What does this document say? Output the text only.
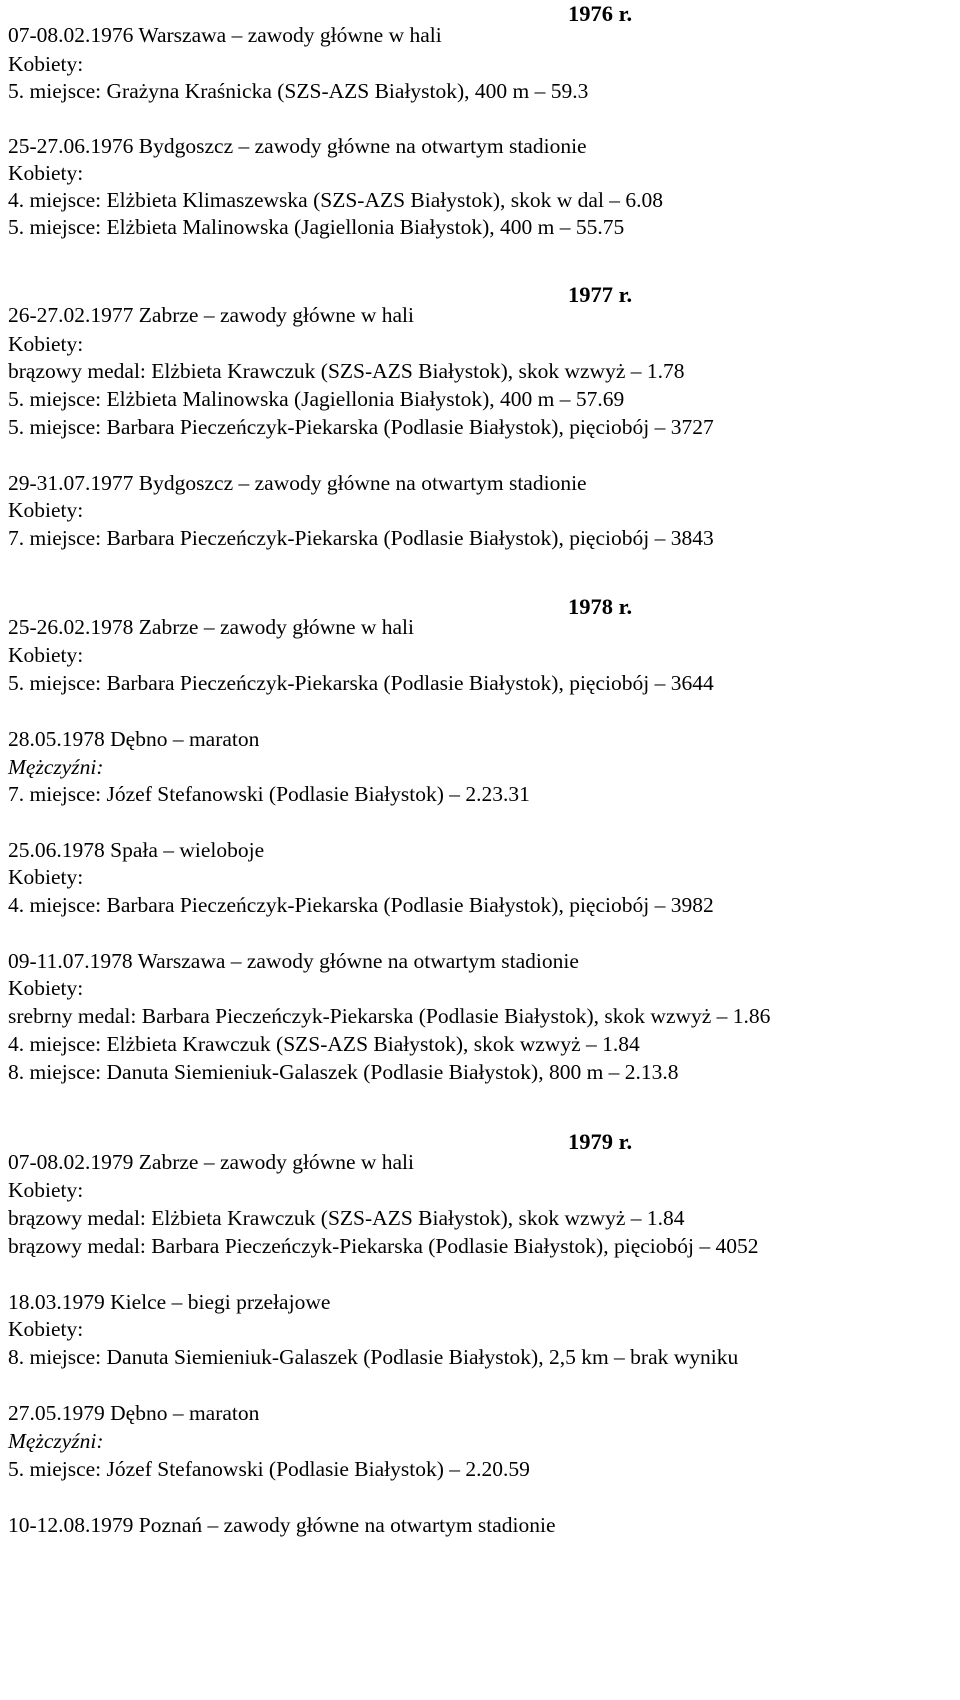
1976 r.
07-08.02.1976 Warszawa – zawody główne w hali
Kobiety:
5. miejsce: Grażyna Kraśnicka (SZS-AZS Białystok), 400 m – 59.3
25-27.06.1976 Bydgoszcz – zawody główne na otwartym stadionie
Kobiety:
4. miejsce: Elżbieta Klimaszewska (SZS-AZS Białystok), skok w dal – 6.08
5. miejsce: Elżbieta Malinowska (Jagiellonia Białystok), 400 m – 55.75
1977 r.
26-27.02.1977 Zabrze – zawody główne w hali
Kobiety:
brązowy medal: Elżbieta Krawczuk (SZS-AZS Białystok), skok wzwyż – 1.78
5. miejsce: Elżbieta Malinowska (Jagiellonia Białystok), 400 m – 57.69
5. miejsce: Barbara Pieczeńczyk-Piekarska (Podlasie Białystok), pięciobój – 3727
29-31.07.1977 Bydgoszcz – zawody główne na otwartym stadionie
Kobiety:
7. miejsce: Barbara Pieczeńczyk-Piekarska (Podlasie Białystok), pięciobój – 3843
1978 r.
25-26.02.1978 Zabrze – zawody główne w hali
Kobiety:
5. miejsce: Barbara Pieczeńczyk-Piekarska (Podlasie Białystok), pięciobój – 3644
28.05.1978 Dębno – maraton
Mężczyźni:
7. miejsce: Józef Stefanowski (Podlasie Białystok) – 2.23.31
25.06.1978 Spała – wieloboje
Kobiety:
4. miejsce: Barbara Pieczeńczyk-Piekarska (Podlasie Białystok), pięciobój – 3982
09-11.07.1978 Warszawa – zawody główne na otwartym stadionie
Kobiety:
srebrny medal: Barbara Pieczeńczyk-Piekarska (Podlasie Białystok), skok wzwyż – 1.86
4. miejsce: Elżbieta Krawczuk (SZS-AZS Białystok), skok wzwyż – 1.84
8. miejsce: Danuta Siemieniuk-Galaszek (Podlasie Białystok), 800 m – 2.13.8
1979 r.
07-08.02.1979 Zabrze – zawody główne w hali
Kobiety:
brązowy medal: Elżbieta Krawczuk (SZS-AZS Białystok), skok wzwyż – 1.84
brązowy medal: Barbara Pieczeńczyk-Piekarska (Podlasie Białystok), pięciobój – 4052
18.03.1979 Kielce – biegi przełajowe
Kobiety:
8. miejsce: Danuta Siemieniuk-Galaszek (Podlasie Białystok), 2,5 km – brak wyniku
27.05.1979 Dębno – maraton
Mężczyźni:
5. miejsce: Józef Stefanowski (Podlasie Białystok) – 2.20.59
10-12.08.1979 Poznań – zawody główne na otwartym stadionie
